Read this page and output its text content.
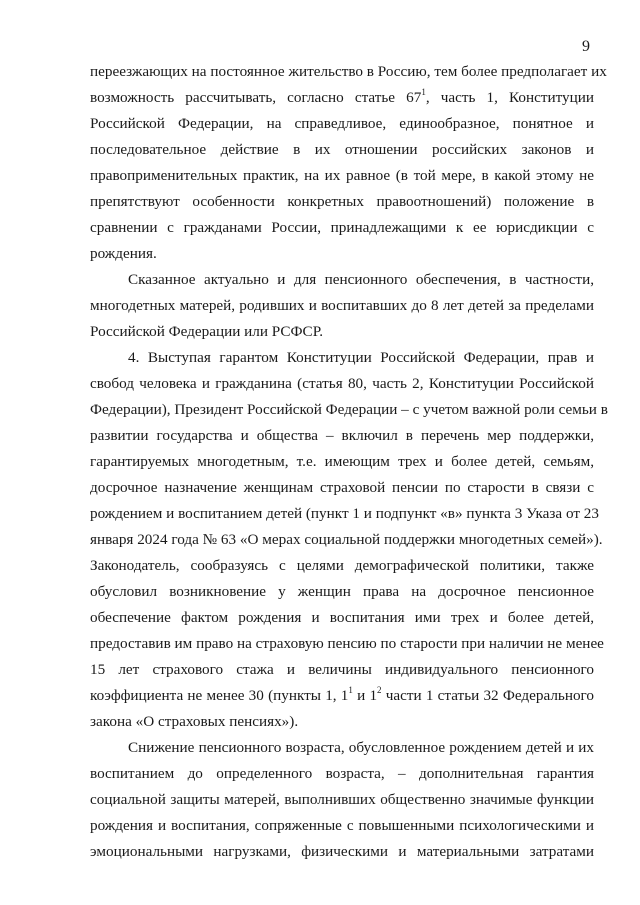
9
переезжающих на постоянное жительство в Россию, тем более предполагает их
возможность рассчитывать, согласно статье $67^1$, часть 1, Конституции
Российской Федерации, на справедливое, единообразное, понятное и
последовательное действие в их отношении российских законов и
правоприменительных практик, на их равное (в той мере, в какой этому не
препятствуют особенности конкретных правоотношений) положение в
сравнении с гражданами России, принадлежащими к ее юрисдикции с
рождения.
Сказанное актуально и для пенсионного обеспечения, в частности,
многодетных матерей, родивших и воспитавших до 8 лет детей за пределами
Российской Федерации или РСФСР.
4. Выступая гарантом Конституции Российской Федерации, прав и
свобод человека и гражданина (статья 80, часть 2, Конституции Российской
Федерации), Президент Российской Федерации – с учетом важной роли семьи в
развитии государства и общества – включил в перечень мер поддержки,
гарантируемых многодетным, т.е. имеющим трех и более детей, семьям,
досрочное назначение женщинам страховой пенсии по старости в связи с
рождением и воспитанием детей (пункт 1 и подпункт «в» пункта 3 Указа от 23
января 2024 года № 63 «О мерах социальной поддержки многодетных семей»).
Законодатель, сообразуясь с целями демографической политики, также
обусловил возникновение у женщин права на досрочное пенсионное
обеспечение фактом рождения и воспитания ими трех и более детей,
предоставив им право на страховую пенсию по старости при наличии не менее
15 лет страхового стажа и величины индивидуального пенсионного
коэффициента не менее 30 (пункты 1, $1^1$ и $1^2$ части 1 статьи 32 Федерального
закона «О страховых пенсиях»).
Снижение пенсионного возраста, обусловленное рождением детей и их
воспитанием до определенного возраста, – дополнительная гарантия
социальной защиты матерей, выполнивших общественно значимые функции
рождения и воспитания, сопряженные с повышенными психологическими и
эмоциональными нагрузками, физическими и материальными затратами
